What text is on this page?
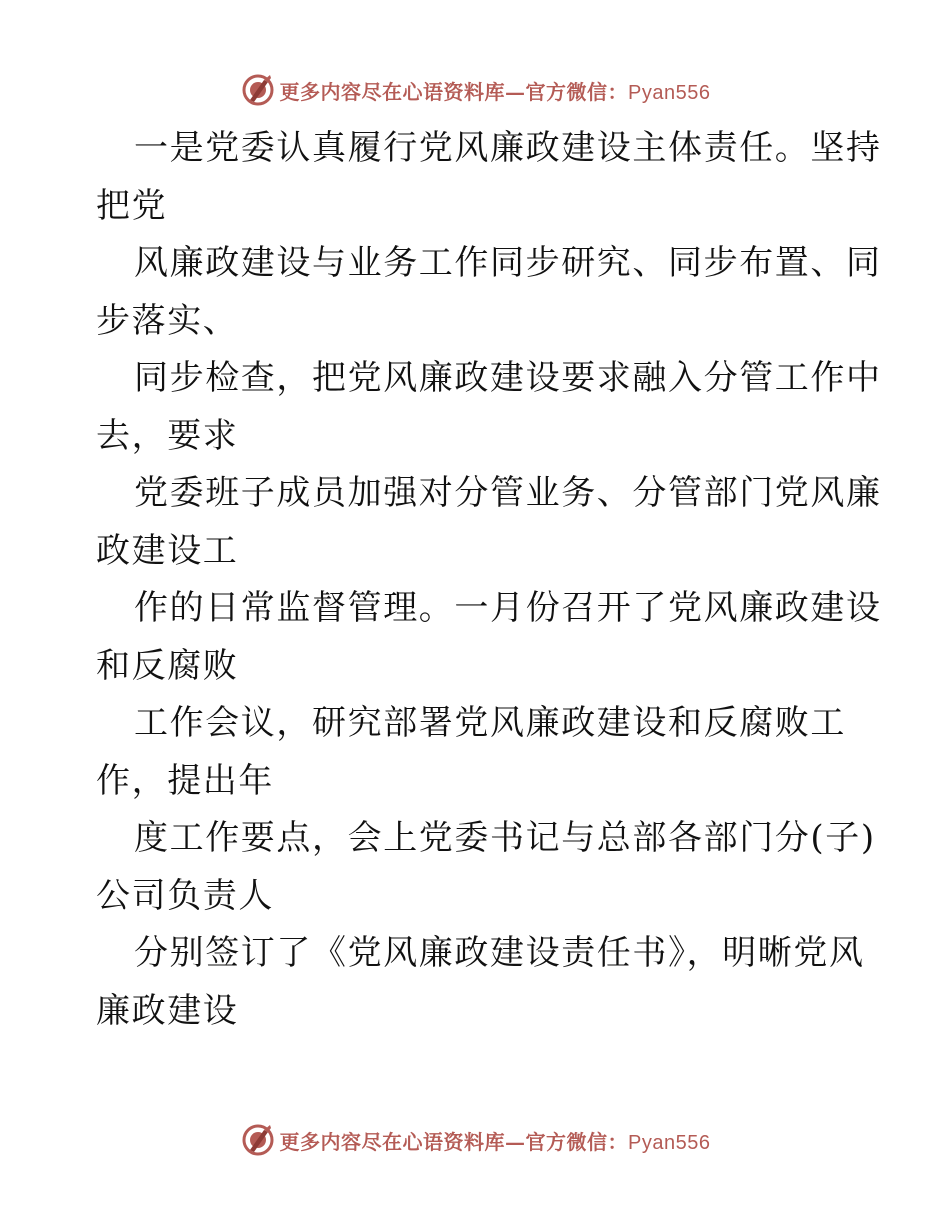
更多内容尽在心语资料库—官方微信：Pyan556
一是党委认真履行党风廉政建设主体责任。坚持
把党
风廉政建设与业务工作同步研究、同步布置、同
步落实、
同步检查，把党风廉政建设要求融入分管工作中
去，要求
党委班子成员加强对分管业务、分管部门党风廉
政建设工
作的日常监督管理。一月份召开了党风廉政建设
和反腐败
工作会议，研究部署党风廉政建设和反腐败工
作，提出年
度工作要点，会上党委书记与总部各部门分(子)
公司负责人
分别签订了《党风廉政建设责任书》，明晰党风
廉政建设
更多内容尽在心语资料库—官方微信：Pyan556
